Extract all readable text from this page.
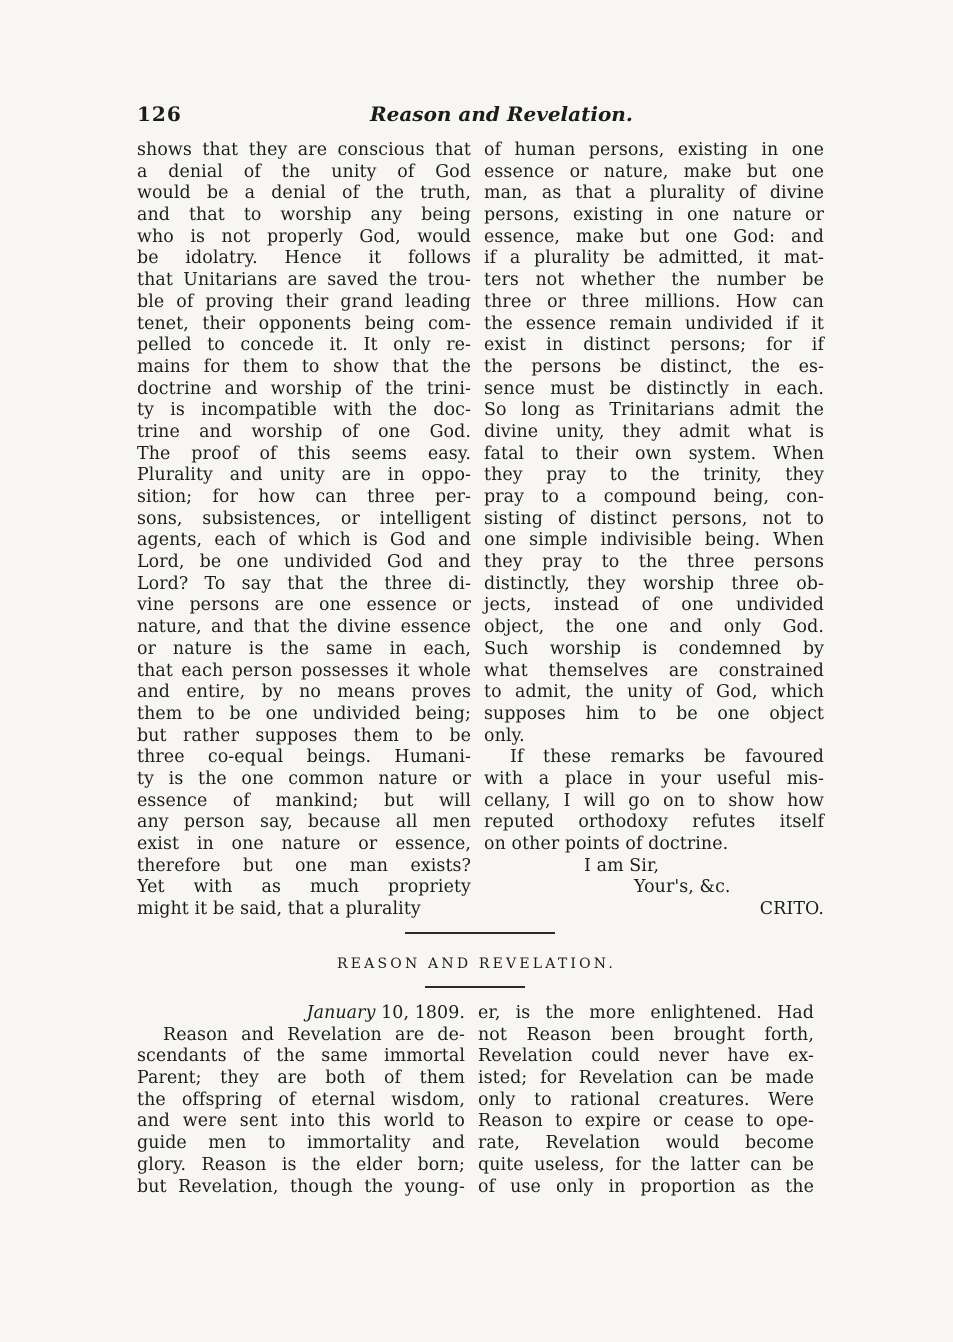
126	Reason and Revelation.
shows that they are conscious that
a denial of the unity of God
would be a denial of the truth,
and that to worship any being
who is not properly God, would
be idolatry. Hence it follows
that Unitarians are saved the trou-
ble of proving their grand leading
tenet, their opponents being com-
pelled to concede it. It only re-
mains for them to show that the
doctrine and worship of the trini-
ty is incompatible with the doc-
trine and worship of one God.
The proof of this seems easy.
Plurality and unity are in oppo-
sition; for how can three per-
sons, subsistences, or intelligent
agents, each of which is God and
Lord, be one undivided God and
Lord? To say that the three di-
vine persons are one essence or
nature, and that the divine essence
or nature is the same in each,
that each person possesses it whole
and entire, by no means proves
them to be one undivided being;
but rather supposes them to be
three co-equal beings. Humani-
ty is the one common nature or
essence of mankind; but will
any person say, because all men
exist in one nature or essence,
therefore but one man exists?
Yet with as much propriety
might it be said, that a plurality
of human persons, existing in one
essence or nature, make but one
man, as that a plurality of divine
persons, existing in one nature or
essence, make but one God: and
if a plurality be admitted, it mat-
ters not whether the number be
three or three millions. How can
the essence remain undivided if it
exist in distinct persons; for if
the persons be distinct, the es-
sence must be distinctly in each.
So long as Trinitarians admit the
divine unity, they admit what is
fatal to their own system. When
they pray to the trinity, they
pray to a compound being, con-
sisting of distinct persons, not to
one simple indivisible being. When
they pray to the three persons
distinctly, they worship three ob-
jects, instead of one undivided
object, the one and only God.
Such worship is condemned by
what themselves are constrained
to admit, the unity of God, which
supposes him to be one object
only.
If these remarks be favoured
with a place in your useful mis-
cellany, I will go on to show how
reputed orthodoxy refutes itself
on other points of doctrine.
I am Sir,
Your's, &c.
CRITO.
REASON AND REVELATION.
January 10, 1809.
Reason and Revelation are de-
scendants of the same immortal
Parent; they are both of them
the offspring of eternal wisdom,
and were sent into this world to
guide men to immortality and
glory. Reason is the elder born;
but Revelation, though the young-
er, is the more enlightened. Had
not Reason been brought forth,
Revelation could never have ex-
isted; for Revelation can be made
only to rational creatures. Were
Reason to expire or cease to ope-
rate, Revelation would become
quite useless, for the latter can be
of use only in proportion as the
